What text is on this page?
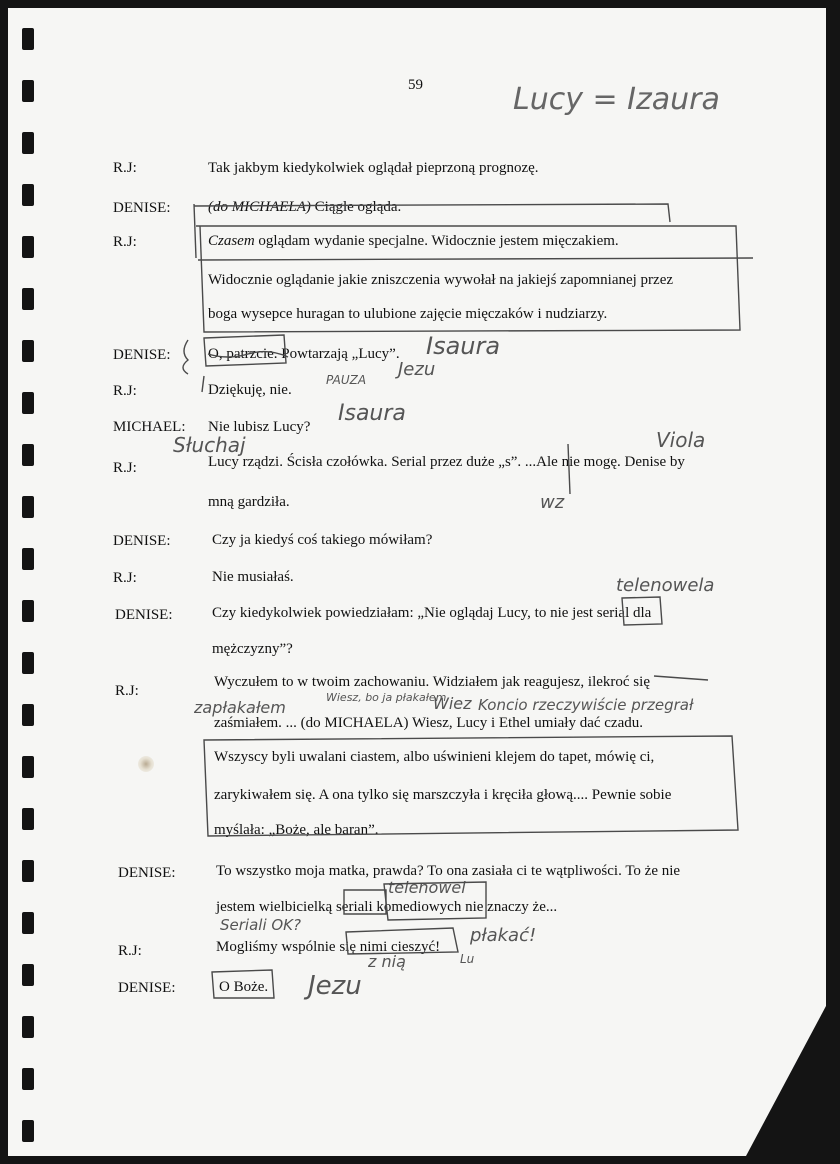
59	Lucy = Izaura
R.J:	Tak jakbym kiedykolwiek oglądał pieprzoną prognozę.
DENISE:	(do MICHAELA) Ciągle ogląda.
R.J:	Czasem oglądam wydanie specjalne. Widocznie jestem mięczakiem.
Widocznie oglądanie jakie zniszczenia wywołał na jakiejś zapomnianej przez
boga wysepce huragan to ulubione zajęcie mięczaków i nudziarzy.
DENISE:	O, patrzcie. Powtarzają „Lucy”. Isaura
Jezu
PAUZA
R.J:	Dziękuję, nie.
MICHAEL: Nie lubisz Lucy?
Isaura
Słuchaj
R.J:	Lucy rządzi. Ścisła czołówka. Serial przez duże „s”. ...Ale nie mogę. Denise by
mną gardziła.
Viola
wz
DENISE:	Czy ja kiedyś coś takiego mówiłam?
R.J:	Nie musiałaś.
DENISE:	Czy kiedykolwiek powiedziałam: „Nie oglądaj Lucy, to nie jest serial dla
mężczyzny”?
telenowela
R.J:
Wyczułem to w twoim zachowaniu. Widziałem jak reagujesz, ilekroć się
zapłakałem
Wiesz, bo ja płakałem
Wiez Koncio rzeczywiście przegrał
zaśmiałem. ... (do MICHAELA) Wiesz, Lucy i Ethel umiały dać czadu.
Wszyscy byli uwalani ciastem, albo uświnieni klejem do tapet, mówię ci,
zarykiwałem się. A ona tylko się marszczyła i kręciła głową.... Pewnie sobie
myślała: „Boże, ale baran”.
DENISE:	To wszystko moja matka, prawda? To ona zasiała ci te wątpliwości. To że nie
jestem wielbicielką seriali komediowych nie znaczy że...
telenowel
Seriali OK?
R.J:	Mogliśmy wspólnie się nimi cieszyć!
płakać!
Lu
z nią
DENISE:	O Boże. Jezu
